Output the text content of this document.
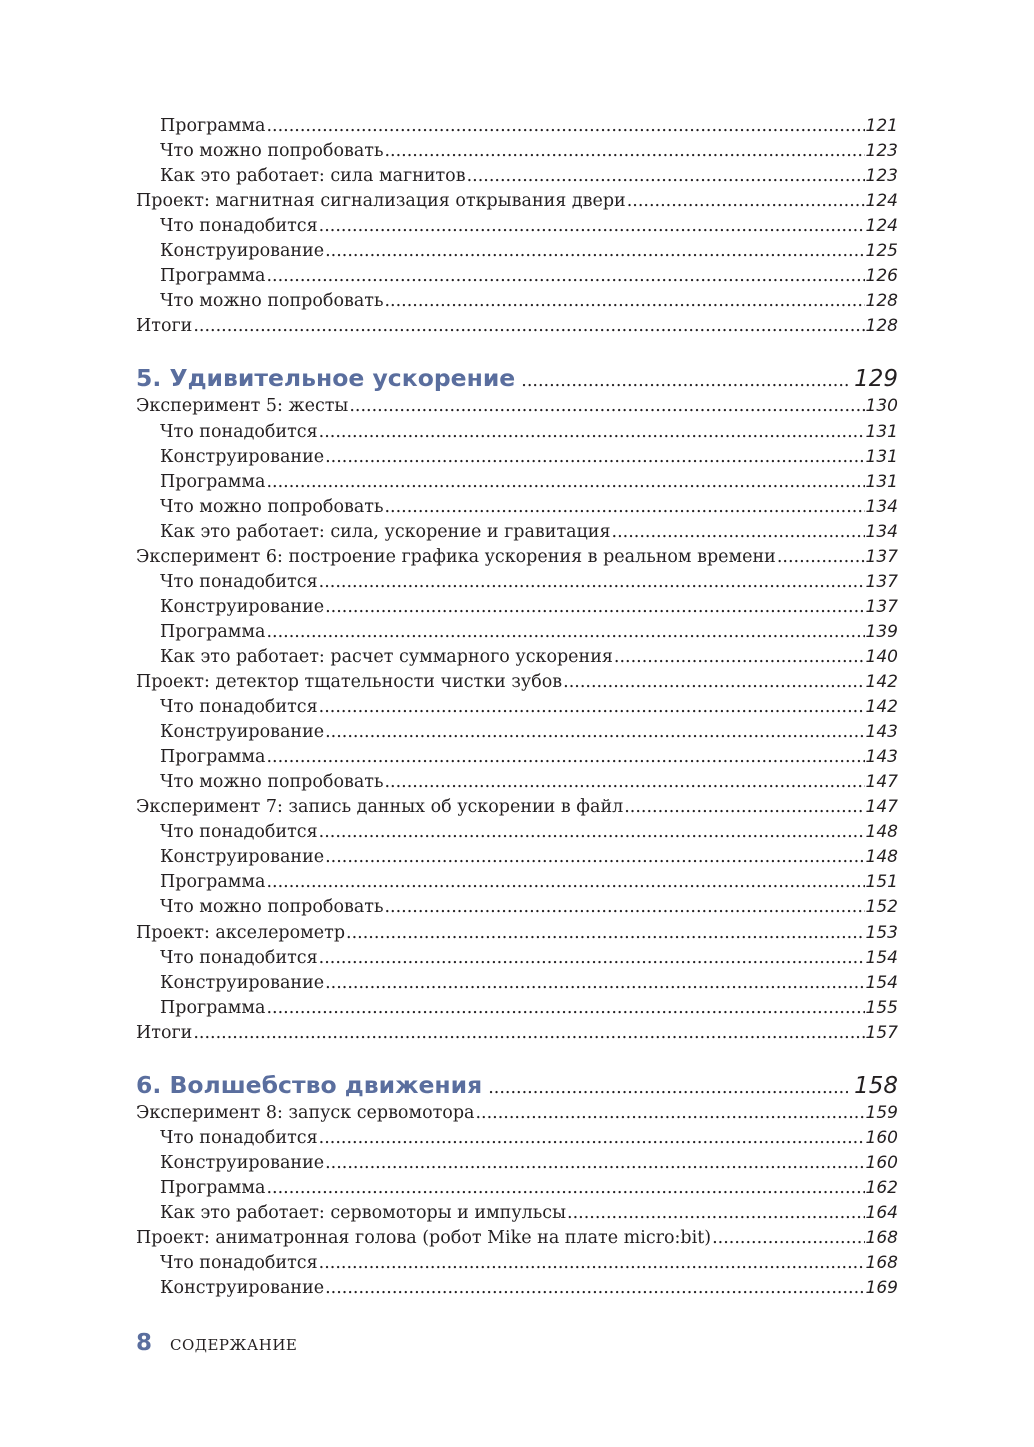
Программа .....	121
Что можно попробовать .....	123
Как это работает: сила магнитов .....	123
Проект: магнитная сигнализация открывания двери .....	124
Что понадобится .....	124
Конструирование .....	125
Программа .....	126
Что можно попробовать .....	128
Итоги .....	128
5. Удивительное ускорение .....	129
Эксперимент 5: жесты .....	130
Что понадобится .....	131
Конструирование .....	131
Программа .....	131
Что можно попробовать .....	134
Как это работает: сила, ускорение и гравитация .....	134
Эксперимент 6: построение графика ускорения в реальном времени .....	137
Что понадобится .....	137
Конструирование .....	137
Программа .....	139
Как это работает: расчет суммарного ускорения .....	140
Проект: детектор тщательности чистки зубов .....	142
Что понадобится .....	142
Конструирование .....	143
Программа .....	143
Что можно попробовать .....	147
Эксперимент 7: запись данных об ускорении в файл .....	147
Что понадобится .....	148
Конструирование .....	148
Программа .....	151
Что можно попробовать .....	152
Проект: акселерометр .....	153
Что понадобится .....	154
Конструирование .....	154
Программа .....	155
Итоги .....	157
6. Волшебство движения .....	158
Эксперимент 8: запуск сервомотора .....	159
Что понадобится .....	160
Конструирование .....	160
Программа .....	162
Как это работает: сервомоторы и импульсы .....	164
Проект: аниматронная голова (робот Mike на плате micro:bit) .....	168
Что понадобится .....	168
Конструирование .....	169
8 СОДЕРЖАНИЕ
